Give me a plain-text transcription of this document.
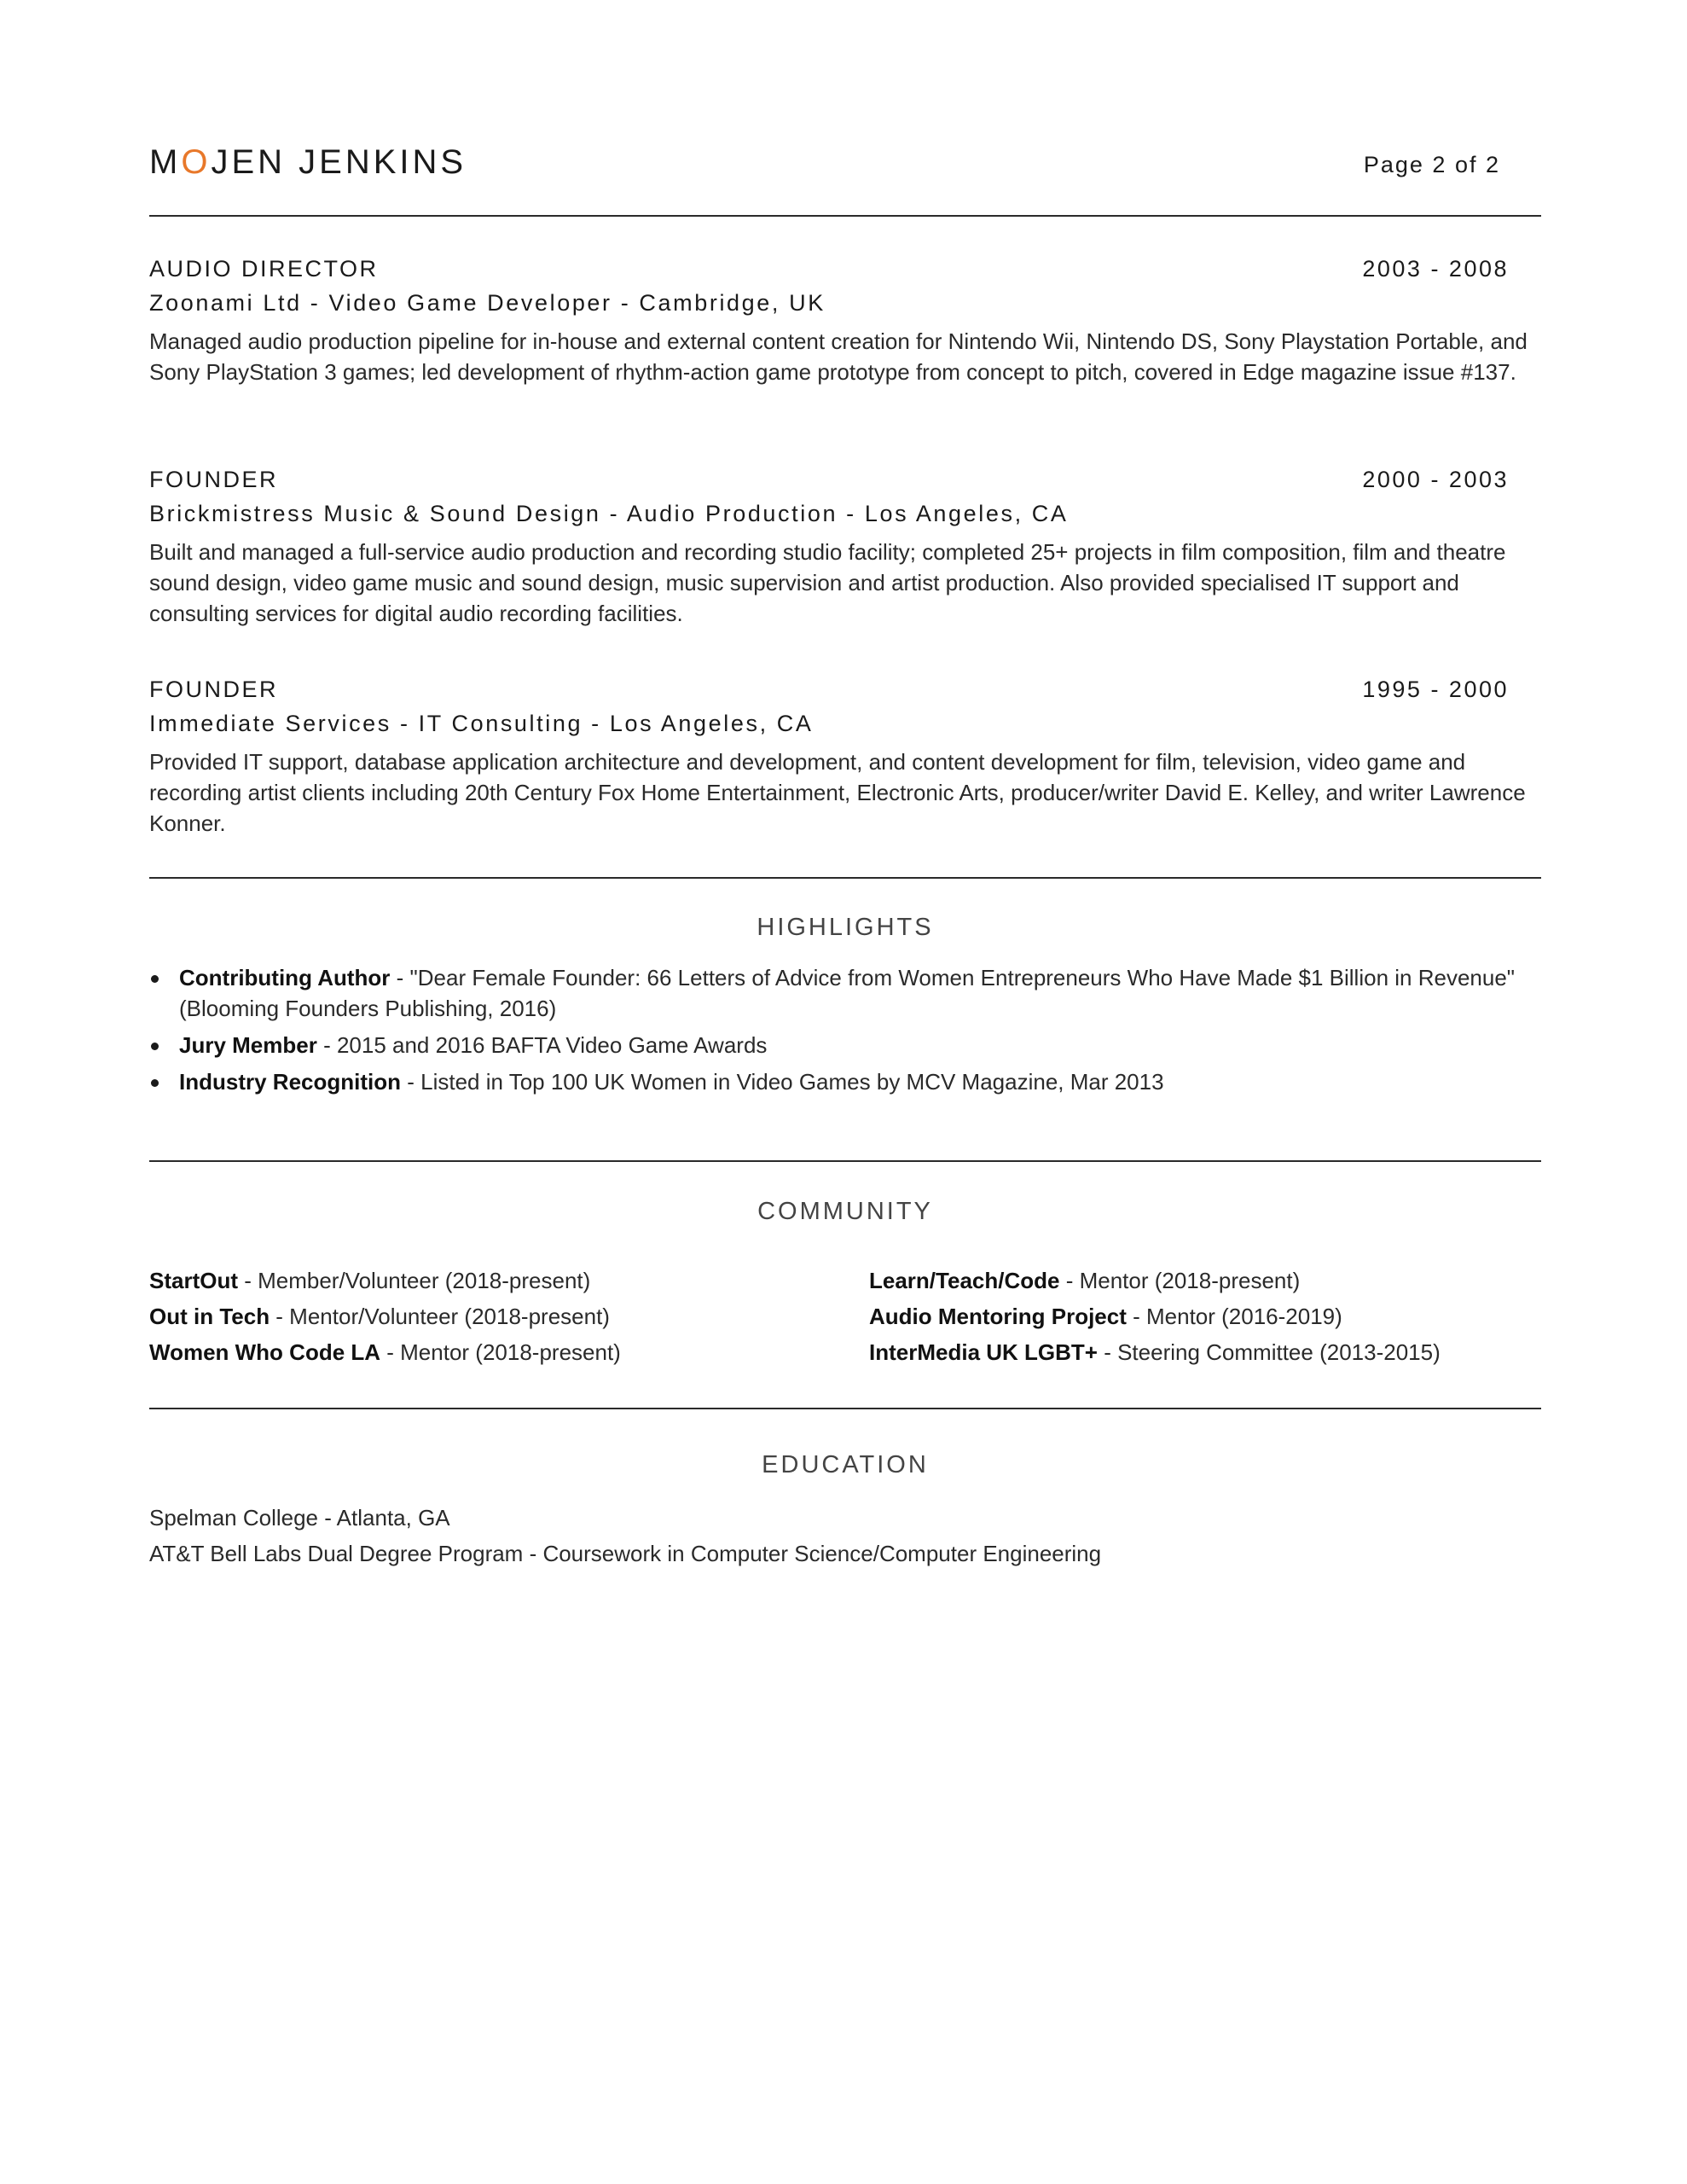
MOJEN JENKINS	Page 2 of 2
AUDIO DIRECTOR	2003 - 2008
Zoonami Ltd - Video Game Developer - Cambridge, UK
Managed audio production pipeline for in-house and external content creation for Nintendo Wii, Nintendo DS, Sony Playstation Portable, and Sony PlayStation 3 games; led development of rhythm-action game prototype from concept to pitch, covered in Edge magazine issue #137.
FOUNDER	2000 - 2003
Brickmistress Music & Sound Design - Audio Production - Los Angeles, CA
Built and managed a full-service audio production and recording studio facility; completed 25+ projects in film composition, film and theatre sound design, video game music and sound design, music supervision and artist production. Also provided specialised IT support and consulting services for digital audio recording facilities.
FOUNDER	1995 - 2000
Immediate Services - IT Consulting - Los Angeles, CA
Provided IT support, database application architecture and development, and content development for film, television, video game and recording artist clients including 20th Century Fox Home Entertainment, Electronic Arts, producer/writer David E. Kelley, and writer Lawrence Konner.
HIGHLIGHTS
Contributing Author - "Dear Female Founder: 66 Letters of Advice from Women Entrepreneurs Who Have Made $1 Billion in Revenue" (Blooming Founders Publishing, 2016)
Jury Member - 2015 and 2016 BAFTA Video Game Awards
Industry Recognition - Listed in Top 100 UK Women in Video Games by MCV Magazine, Mar 2013
COMMUNITY
StartOut - Member/Volunteer (2018-present)
Out in Tech - Mentor/Volunteer (2018-present)
Women Who Code LA - Mentor (2018-present)
Learn/Teach/Code - Mentor (2018-present)
Audio Mentoring Project - Mentor (2016-2019)
InterMedia UK LGBT+ - Steering Committee (2013-2015)
EDUCATION
Spelman College - Atlanta, GA
AT&T Bell Labs Dual Degree Program - Coursework in Computer Science/Computer Engineering
